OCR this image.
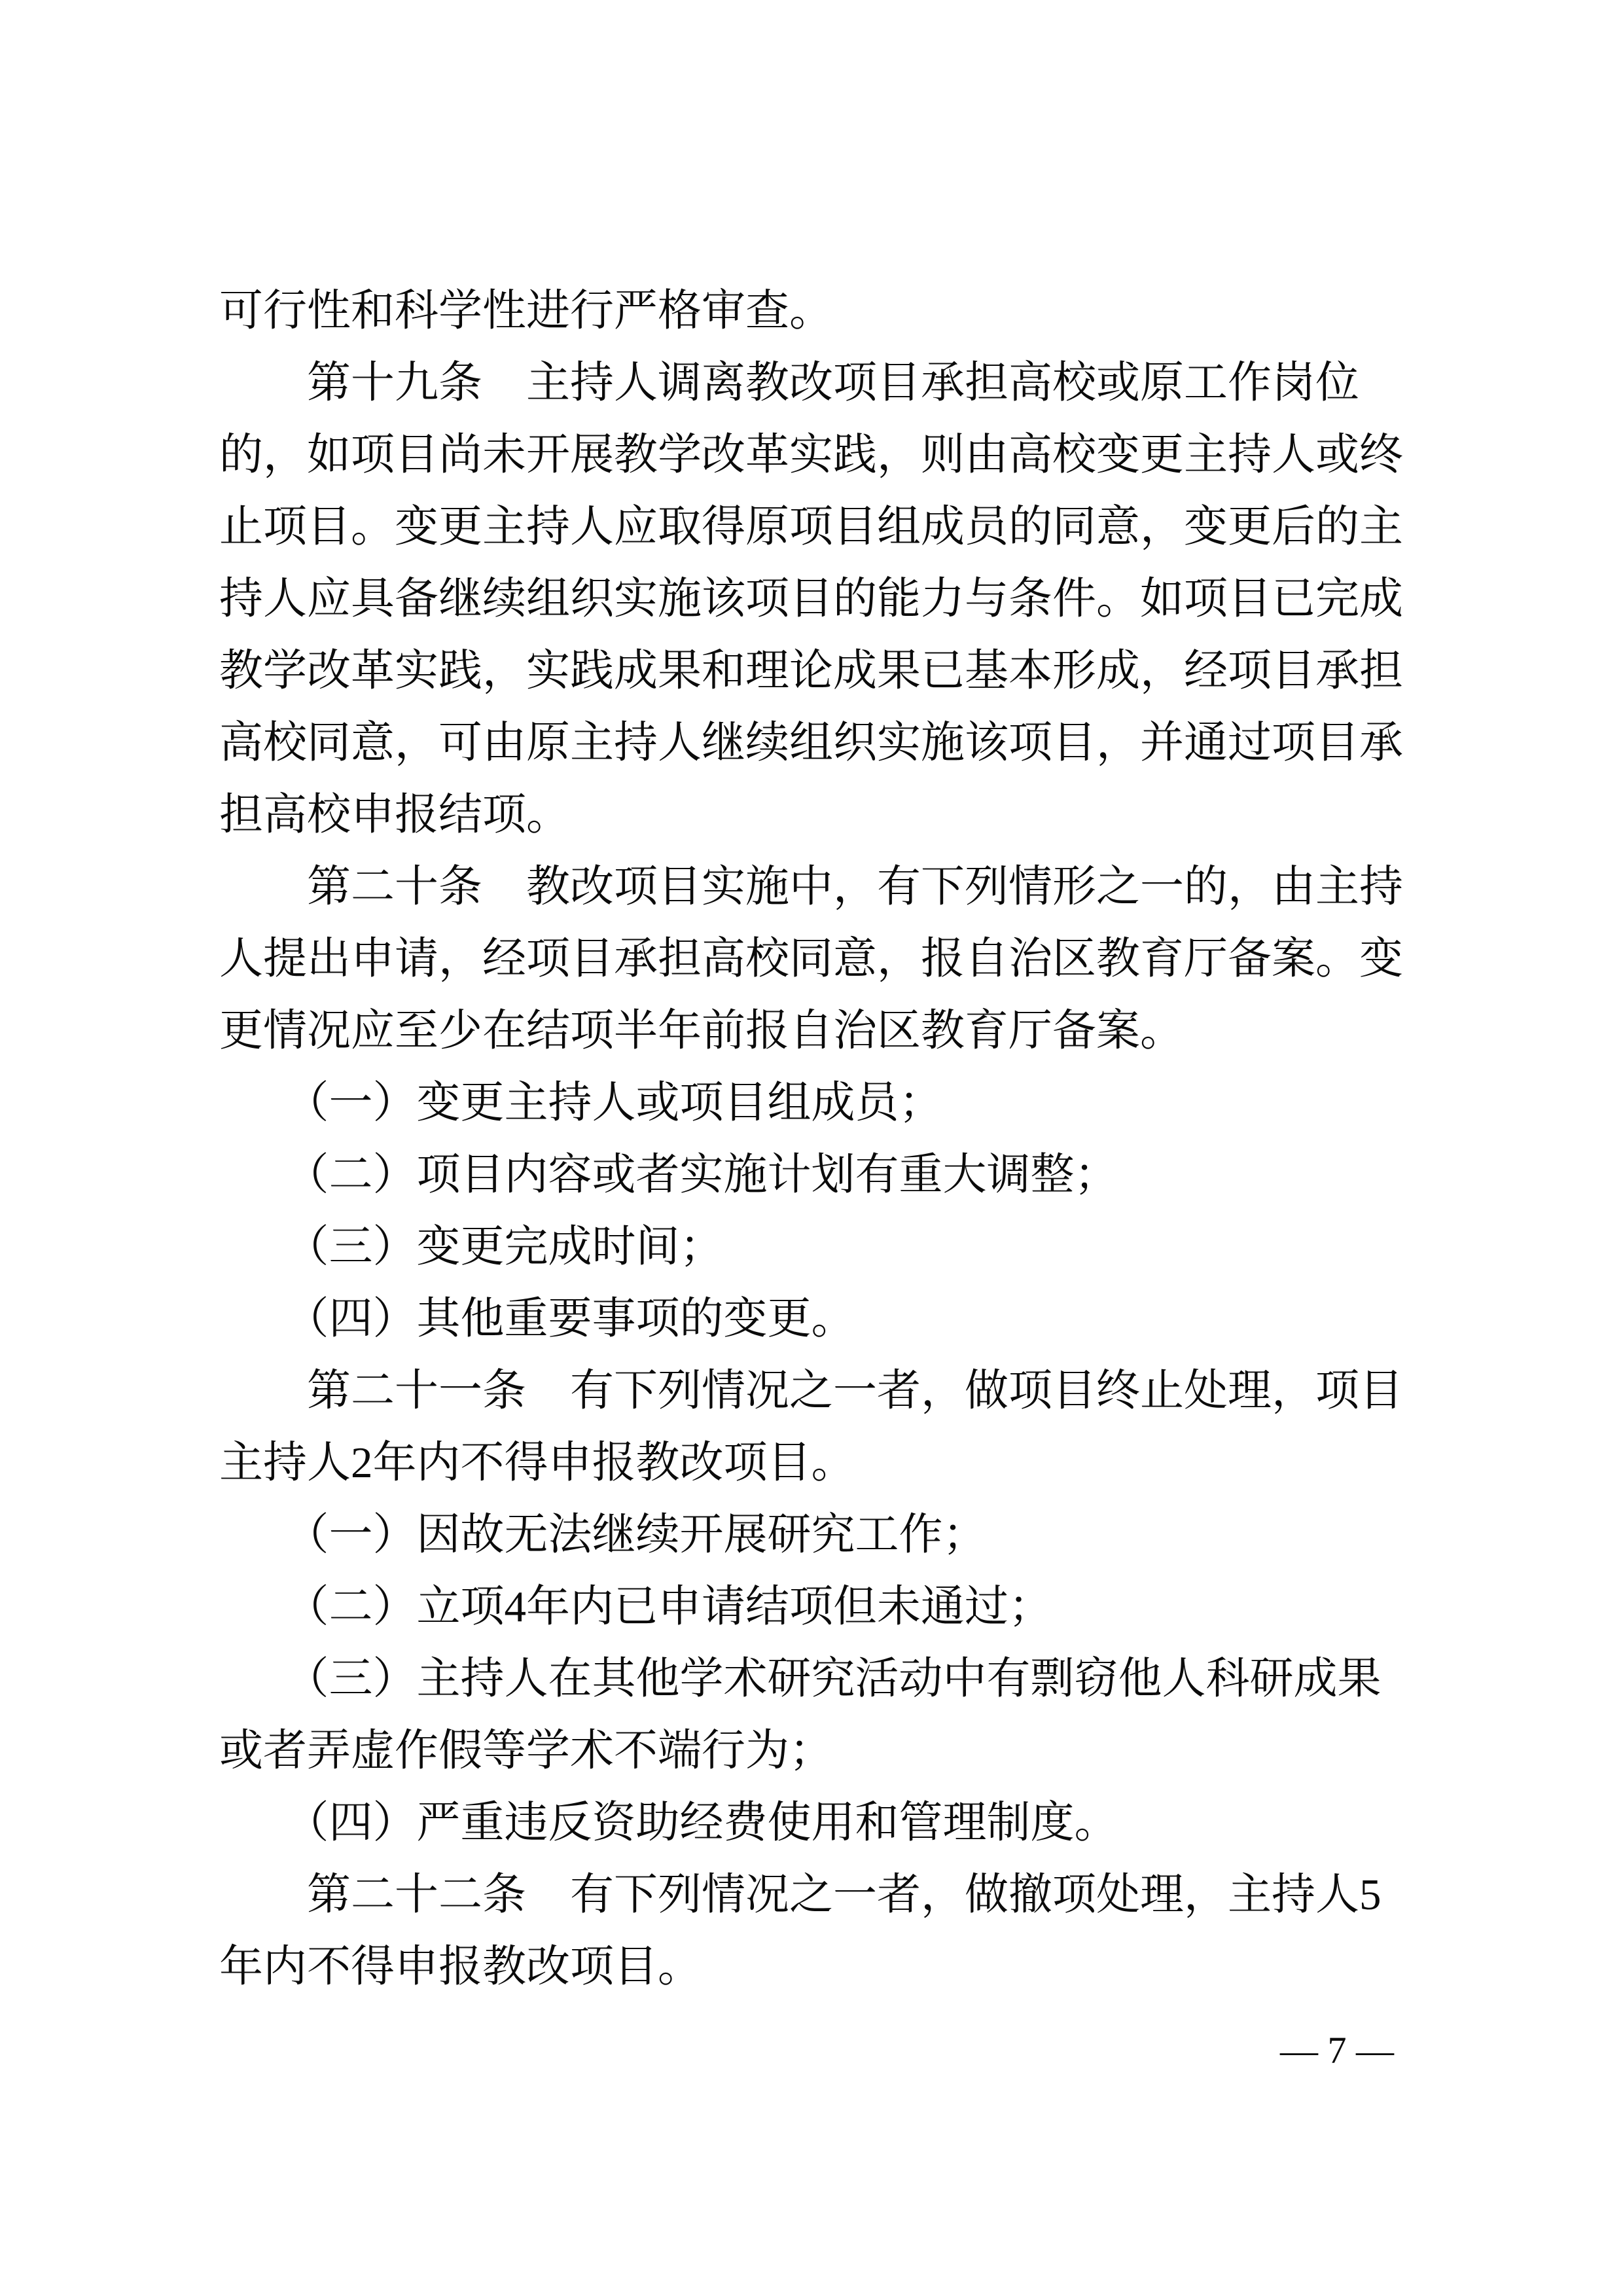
可行性和科学性进行严格审查。
　　第十九条　主持人调离教改项目承担高校或原工作岗位
的，如项目尚未开展教学改革实践，则由高校变更主持人或终
止项目。变更主持人应取得原项目组成员的同意，变更后的主
持人应具备继续组织实施该项目的能力与条件。如项目已完成
教学改革实践，实践成果和理论成果已基本形成，经项目承担
高校同意，可由原主持人继续组织实施该项目，并通过项目承
担高校申报结项。
　　第二十条　教改项目实施中，有下列情形之一的，由主持
人提出申请，经项目承担高校同意，报自治区教育厅备案。变
更情况应至少在结项半年前报自治区教育厅备案。
　　（一）变更主持人或项目组成员；
　　（二）项目内容或者实施计划有重大调整；
　　（三）变更完成时间；
　　（四）其他重要事项的变更。
　　第二十一条　有下列情况之一者，做项目终止处理，项目
主持人2年内不得申报教改项目。
　　（一）因故无法继续开展研究工作；
　　（二）立项4年内已申请结项但未通过；
　　（三）主持人在其他学术研究活动中有剽窃他人科研成果
或者弄虚作假等学术不端行为；
　　（四）严重违反资助经费使用和管理制度。
　　第二十二条　有下列情况之一者，做撤项处理，主持人5
年内不得申报教改项目。
— 7 —
